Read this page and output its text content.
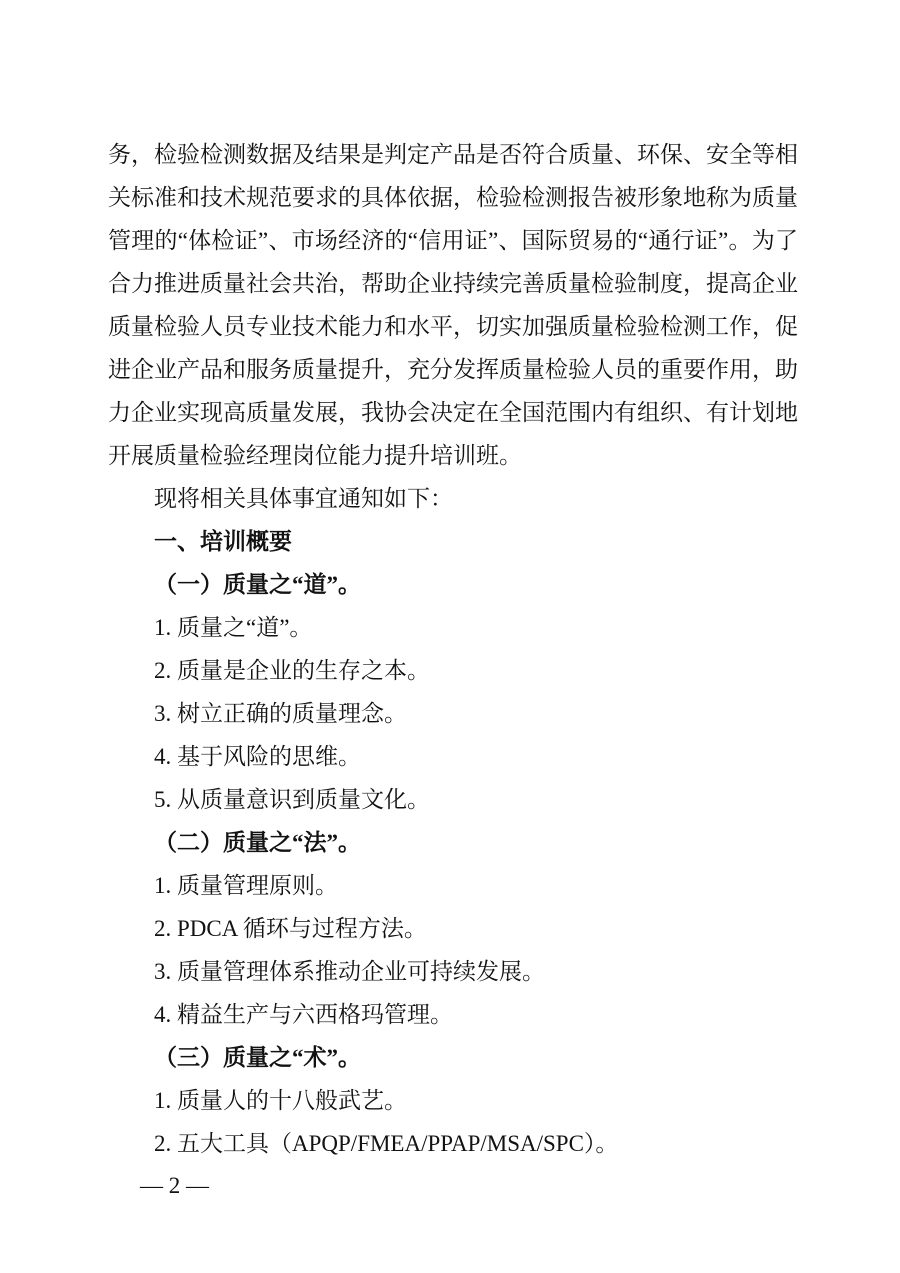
务，检验检测数据及结果是判定产品是否符合质量、环保、安全等相关标准和技术规范要求的具体依据，检验检测报告被形象地称为质量管理的“体检证”、市场经济的“信用证”、国际贸易的“通行证”。为了合力推进质量社会共治，帮助企业持续完善质量检验制度，提高企业质量检验人员专业技术能力和水平，切实加强质量检验检测工作，促进企业产品和服务质量提升，充分发挥质量检验人员的重要作用，助力企业实现高质量发展，我协会决定在全国范围内有组织、有计划地开展质量检验经理岗位能力提升培训班。

现将相关具体事宜通知如下：

一、培训概要

（一）质量之“道”。

1. 质量之“道”。

2. 质量是企业的生存之本。

3. 树立正确的质量理念。

4. 基于风险的思维。

5. 从质量意识到质量文化。

（二）质量之“法”。

1. 质量管理原则。

2. PDCA 循环与过程方法。

3. 质量管理体系推动企业可持续发展。

4. 精益生产与六西格玛管理。

（三）质量之“术”。

1. 质量人的十八般武艺。

2. 五大工具（APQP/FMEA/PPAP/MSA/SPC）。

— 2 —
